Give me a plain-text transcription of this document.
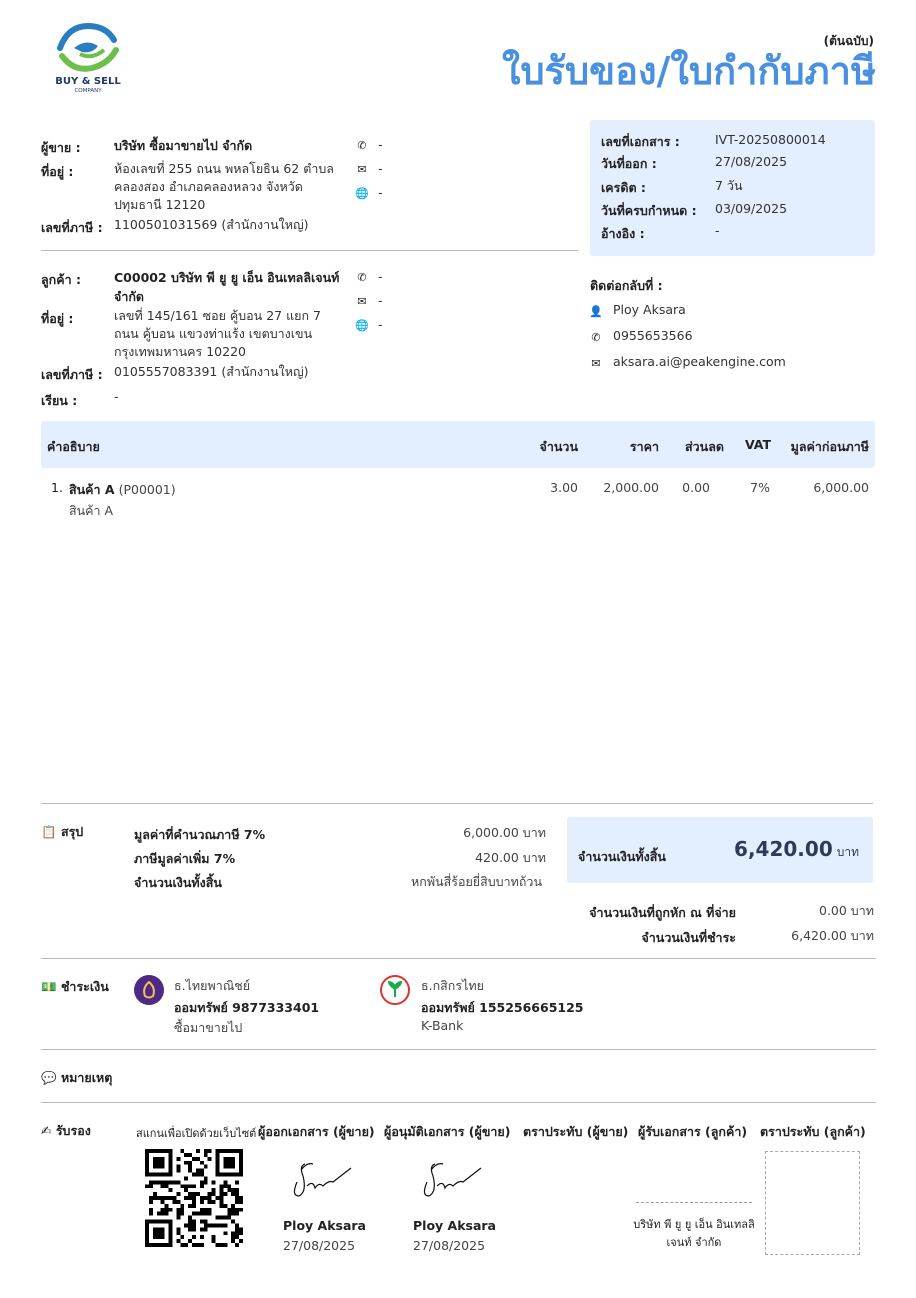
BUY & SELL
COMPANY
(ต้นฉบับ)
ใบรับของ/ใบกำกับภาษี
ผู้ขาย :	บริษัท ซื้อมาขายไป จำกัด
ที่อยู่ :	ห้องเลขที่ 255 ถนน พหลโยธิน 62 ตำบล
คลองสอง อำเภอคลองหลวง จังหวัด
ปทุมธานี 12120
เลขที่ภาษี : 1100501031569 (สำนักงานใหญ่)
✆ -
✉ -
🌐 -
ลูกค้า :	C00002 บริษัท พี ยู ยู เอ็น อินเทลลิเจนท์
จำกัด
ที่อยู่ :	เลขที่ 145/161 ซอย คู้บอน 27 แยก 7
ถนน คู้บอน แขวงท่าแร้ง เขตบางเขน
กรุงเทพมหานคร 10220
เลขที่ภาษี : 0105557083391 (สำนักงานใหญ่)
เรียน :	-
✆ -
✉ -
🌐 -
เลขที่เอกสาร :	IVT-20250800014
วันที่ออก :	27/08/2025
เครดิต :	7 วัน
วันที่ครบกำหนด : 03/09/2025
อ้างอิง :	-
ติดต่อกลับที่ :
👤 Ploy Aksara
✆ 0955653566
✉ aksara.ai@peakengine.com
คำอธิบาย	จำนวน	ราคา ส่วนลด VAT มูลค่าก่อนภาษี
1. สินค้า A (P00001)
สินค้า A
3.00 2,000.00 0.00	7%	6,000.00
📋 สรุป	มูลค่าที่คำนวณภาษี 7%	6,000.00 บาท
ภาษีมูลค่าเพิ่ม 7%	420.00 บาท
จำนวนเงินทั้งสิ้น	หกพันสี่ร้อยยี่สิบบาทถ้วน
จำนวนเงินทั้งสิ้น	6,420.00 บาท
จำนวนเงินที่ถูกหัก ณ ที่จ่าย	0.00 บาท
จำนวนเงินที่ชำระ	6,420.00 บาท
💵 ชำระเงิน	ธ.ไทยพาณิชย์
ออมทรัพย์ 9877333401
ซื้อมาขายไป
ธ.กสิกรไทย
ออมทรัพย์ 155256665125
K-Bank
💬 หมายเหตุ
✍ รับรอง	สแกนเพื่อเปิดด้วยเว็บไซต์ ผู้ออกเอกสาร (ผู้ขาย) ผู้อนุมัติเอกสาร (ผู้ขาย) ตราประทับ (ผู้ขาย) ผู้รับเอกสาร (ลูกค้า) ตราประทับ (ลูกค้า)
Ploy Aksara
27/08/2025
Ploy Aksara
27/08/2025
บริษัท พี ยู ยู เอ็น อินเทลลิ
เจนท์ จำกัด
